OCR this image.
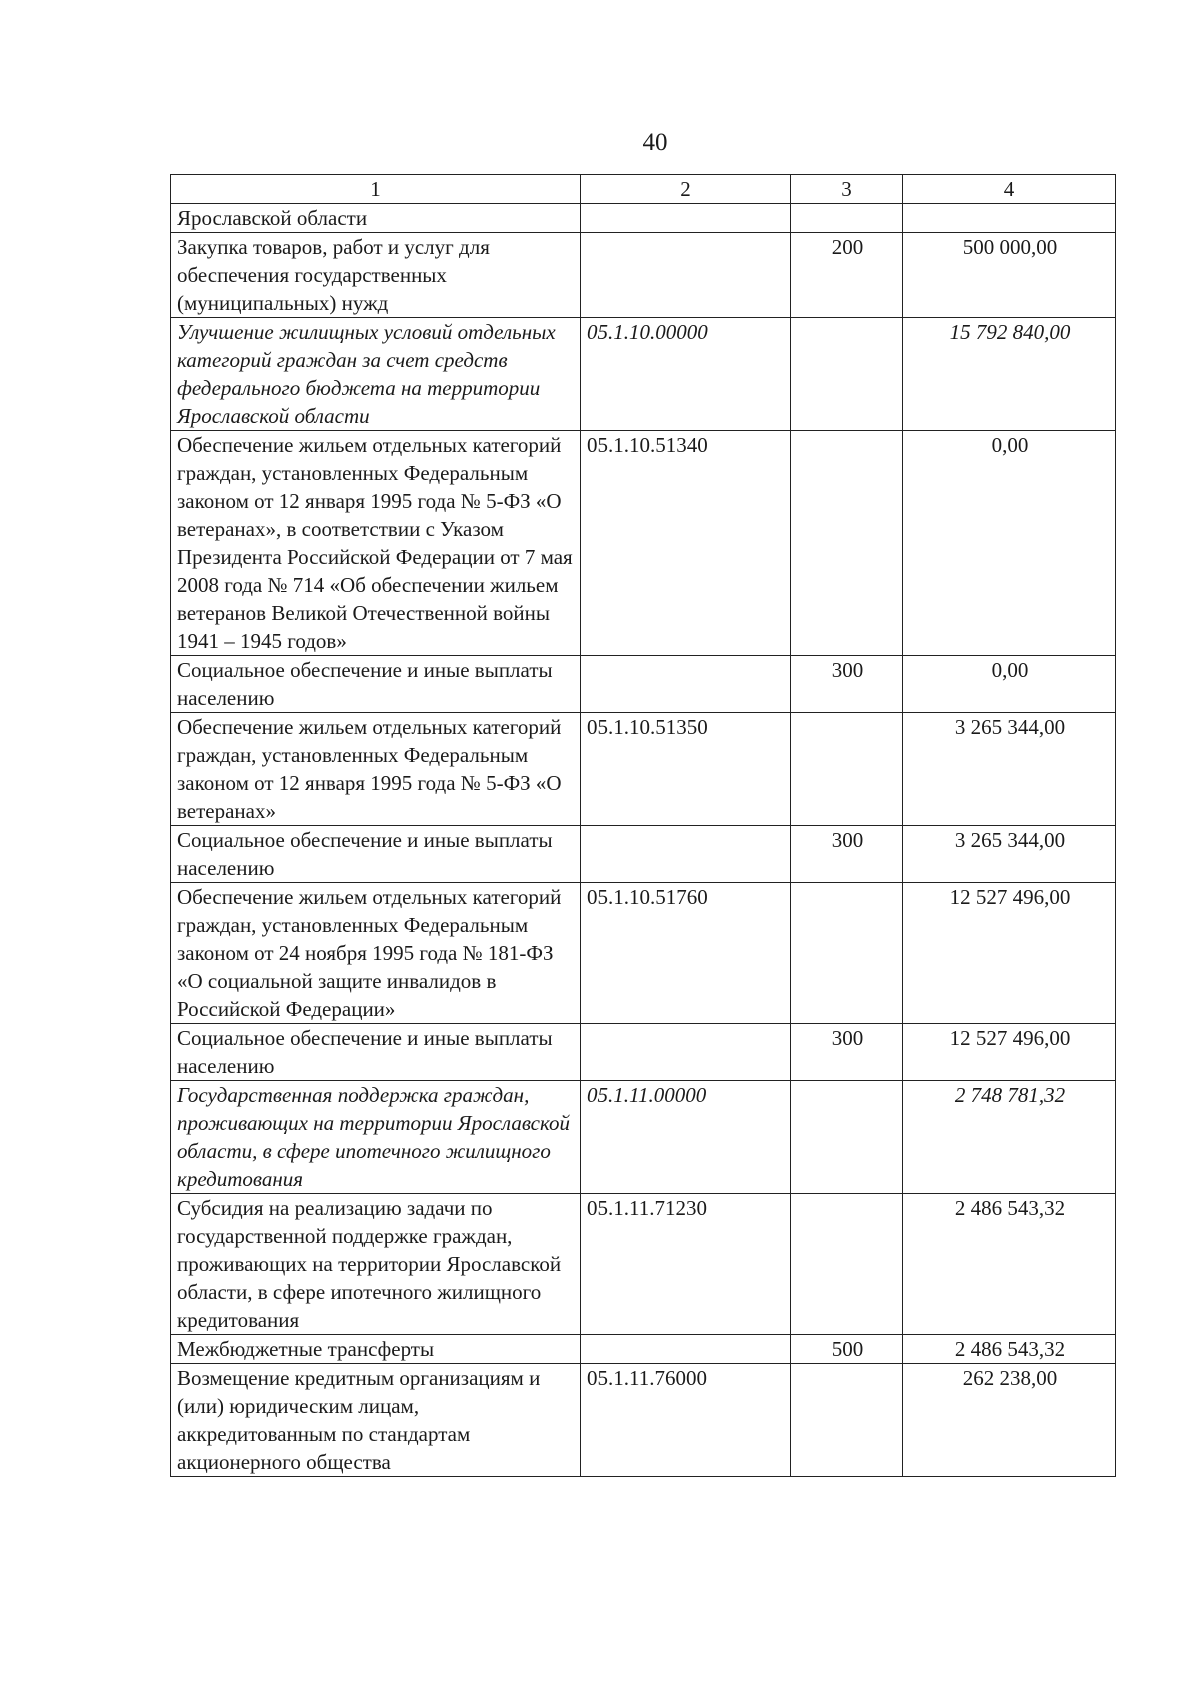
40
1	2	3	4
Ярославской области			
Закупка товаров, работ и услуг для обеспечения государственных (муниципальных) нужд		200	500 000,00
Улучшение жилищных условий отдельных категорий граждан за счет средств федерального бюджета на территории Ярославской области	05.1.10.00000		15 792 840,00
Обеспечение жильем отдельных категорий граждан, установленных Федеральным законом от 12 января 1995 года № 5-ФЗ «О ветеранах», в соответствии с Указом Президента Российской Федерации от 7 мая 2008 года № 714 «Об обеспечении жильем ветеранов Великой Отечественной войны 1941 – 1945 годов»	05.1.10.51340		0,00
Социальное обеспечение и иные выплаты населению		300	0,00
Обеспечение жильем отдельных категорий граждан, установленных Федеральным законом от 12 января 1995 года № 5-ФЗ «О ветеранах»	05.1.10.51350		3 265 344,00
Социальное обеспечение и иные выплаты населению		300	3 265 344,00
Обеспечение жильем отдельных категорий граждан, установленных Федеральным законом от 24 ноября 1995 года № 181-ФЗ «О социальной защите инвалидов в Российской Федерации»	05.1.10.51760		12 527 496,00
Социальное обеспечение и иные выплаты населению		300	12 527 496,00
Государственная поддержка граждан, проживающих на территории Ярославской области, в сфере ипотечного жилищного кредитования	05.1.11.00000		2 748 781,32
Субсидия на реализацию задачи по государственной поддержке граждан, проживающих на территории Ярославской области, в сфере ипотечного жилищного кредитования	05.1.11.71230		2 486 543,32
Межбюджетные трансферты		500	2 486 543,32
Возмещение кредитным организациям и (или) юридическим лицам, аккредитованным по стандартам акционерного общества	05.1.11.76000		262 238,00
